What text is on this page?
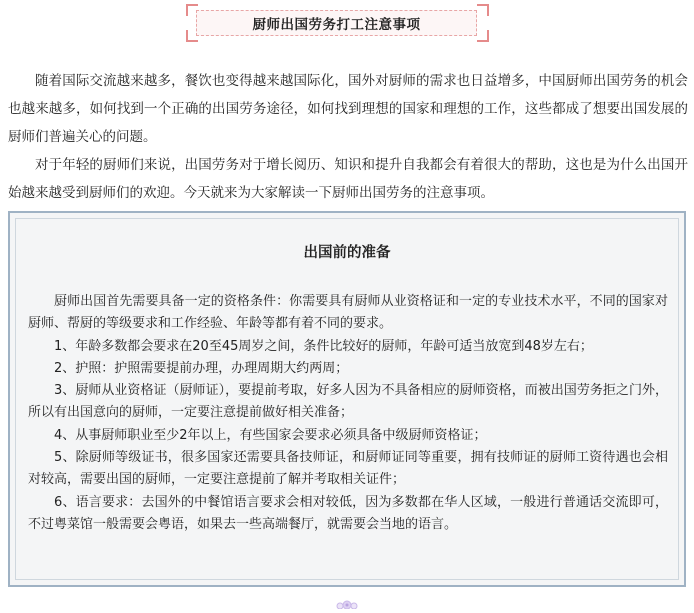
厨师出国劳务打工注意事项

随着国际交流越来越多，餐饮也变得越来越国际化，国外对厨师的需求也日益增多，中国厨师出国劳务的机会也越来越多，如何找到一个正确的出国劳务途径，如何找到理想的国家和理想的工作，这些都成了想要出国发展的厨师们普遍关心的问题。

对于年轻的厨师们来说，出国劳务对于增长阅历、知识和提升自我都会有着很大的帮助，这也是为什么出国开始越来越受到厨师们的欢迎。今天就来为大家解读一下厨师出国劳务的注意事项。

出国前的准备

厨师出国首先需要具备一定的资格条件：你需要具有厨师从业资格证和一定的专业技术水平，不同的国家对厨师、帮厨的等级要求和工作经验、年龄等都有着不同的要求。

1、年龄多数都会要求在20至45周岁之间，条件比较好的厨师，年龄可适当放宽到48岁左右；

2、护照：护照需要提前办理，办理周期大约两周；

3、厨师从业资格证（厨师证），要提前考取，好多人因为不具备相应的厨师资格，而被出国劳务拒之门外，所以有出国意向的厨师，一定要注意提前做好相关准备；

4、从事厨师职业至少2年以上，有些国家会要求必须具备中级厨师资格证；

5、除厨师等级证书，很多国家还需要具备技师证，和厨师证同等重要，拥有技师证的厨师工资待遇也会相对较高，需要出国的厨师，一定要注意提前了解并考取相关证件；

6、语言要求：去国外的中餐馆语言要求会相对较低，因为多数都在华人区域，一般进行普通话交流即可，不过粤菜馆一般需要会粤语，如果去一些高端餐厅，就需要会当地的语言。
